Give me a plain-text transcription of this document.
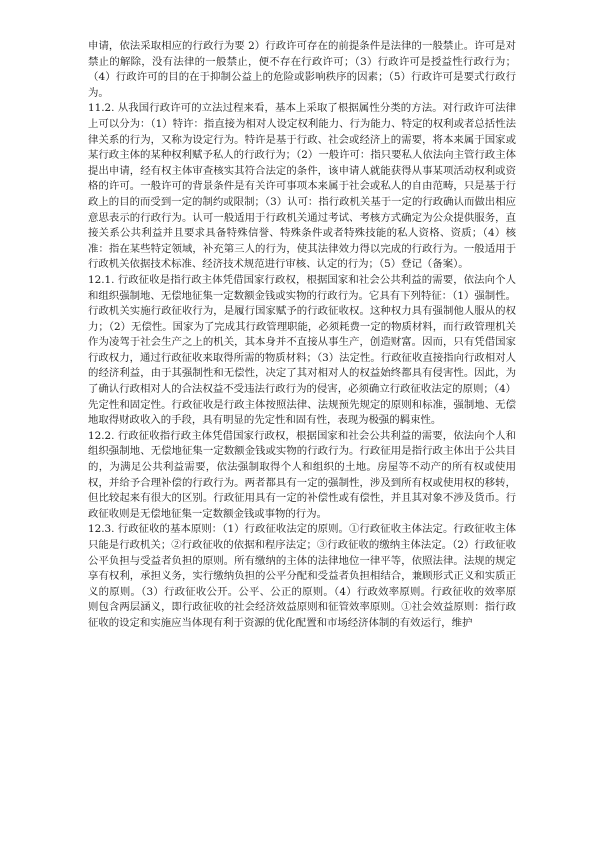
申请，依法采取相应的行政行为要 2）行政许可存在的前提条件是法律的一般禁止。许可是对禁止的解除，没有法律的一般禁止，便不存在行政许可；（3）行政许可是授益性行政行为；（4）行政许可的目的在于抑制公益上的危险或影响秩序的因素；（5）行政许可是要式行政行为。

11.2. 从我国行政许可的立法过程来看，基本上采取了根据属性分类的方法。对行政许可法律上可以分为：（1）特许：指直接为相对人设定权利能力、行为能力、特定的权利或者总括性法律关系的行为，又称为设定行为。特许是基于行政、社会或经济上的需要，将本来属于国家或某行政主体的某种权利赋予私人的行政行为；（2）一般许可：指只要私人依法向主管行政主体提出申请，经有权主体审查核实其符合法定的条件，该申请人就能获得从事某项活动权利或资格的许可。一般许可的背景条件是有关许可事项本来属于社会或私人的自由范畴，只是基于行政上的目的而受到一定的制约或限制；（3）认可：指行政机关基于一定的行政确认而做出相应意思表示的行政行为。认可一般适用于行政机关通过考试、考核方式确定为公众提供服务，直接关系公共利益并且要求具备特殊信誉、特殊条件或者特殊技能的私人资格、资质；（4）核准：指在某些特定领域，补充第三人的行为，使其法律效力得以完成的行政行为。一般适用于行政机关依据技术标准、经济技术规范进行审核、认定的行为；（5）登记（备案）。

12.1. 行政征收是指行政主体凭借国家行政权，根据国家和社会公共利益的需要，依法向个人和组织强制地、无偿地征集一定数额金钱或实物的行政行为。它具有下列特征：（1）强制性。行政机关实施行政征收行为，是履行国家赋予的行政征收权。这种权力具有强制他人服从的权力；（2）无偿性。国家为了完成其行政管理职能，必须耗费一定的物质材料，而行政管理机关作为凌驾于社会生产之上的机关，其本身并不直接从事生产，创造财富。因而，只有凭借国家行政权力，通过行政征收来取得所需的物质材料；（3）法定性。行政征收直接指向行政相对人的经济利益，由于其强制性和无偿性，决定了其对相对人的权益始终都具有侵害性。因此，为了确认行政相对人的合法权益不受违法行政行为的侵害，必须确立行政征收法定的原则；（4）先定性和固定性。行政征收是行政主体按照法律、法规预先规定的原则和标准，强制地、无偿地取得财政收入的手段，具有明显的先定性和固有性，表现为极强的羁束性。

12.2. 行政征收指行政主体凭借国家行政权，根据国家和社会公共利益的需要，依法向个人和组织强制地、无偿地征集一定数额金钱或实物的行政行为。行政征用是指行政主体出于公共目的，为满足公共利益需要，依法强制取得个人和组织的土地。房屋等不动产的所有权或使用权，并给予合理补偿的行政行为。两者都具有一定的强制性，涉及到所有权或使用权的移转，但比较起来有很大的区别。行政征用具有一定的补偿性或有偿性，并且其对象不涉及货币。行政征收则是无偿地征集一定数额金钱或事物的行为。

12.3. 行政征收的基本原则：（1）行政征收法定的原则。①行政征收主体法定。行政征收主体只能是行政机关；②行政征收的依据和程序法定；③行政征收的缴纳主体法定。（2）行政征收公平负担与受益者负担的原则。所有缴纳的主体的法律地位一律平等，依照法律。法规的规定享有权利，承担义务，实行缴纳负担的公平分配和受益者负担相结合，兼顾形式正义和实质正义的原则。（3）行政征收公开。公平、公正的原则。（4）行政效率原则。行政征收的效率原则包含两层涵义，即行政征收的社会经济效益原则和征管效率原则。①社会效益原则：指行政征收的设定和实施应当体现有利于资源的优化配置和市场经济体制的有效运行，维护
